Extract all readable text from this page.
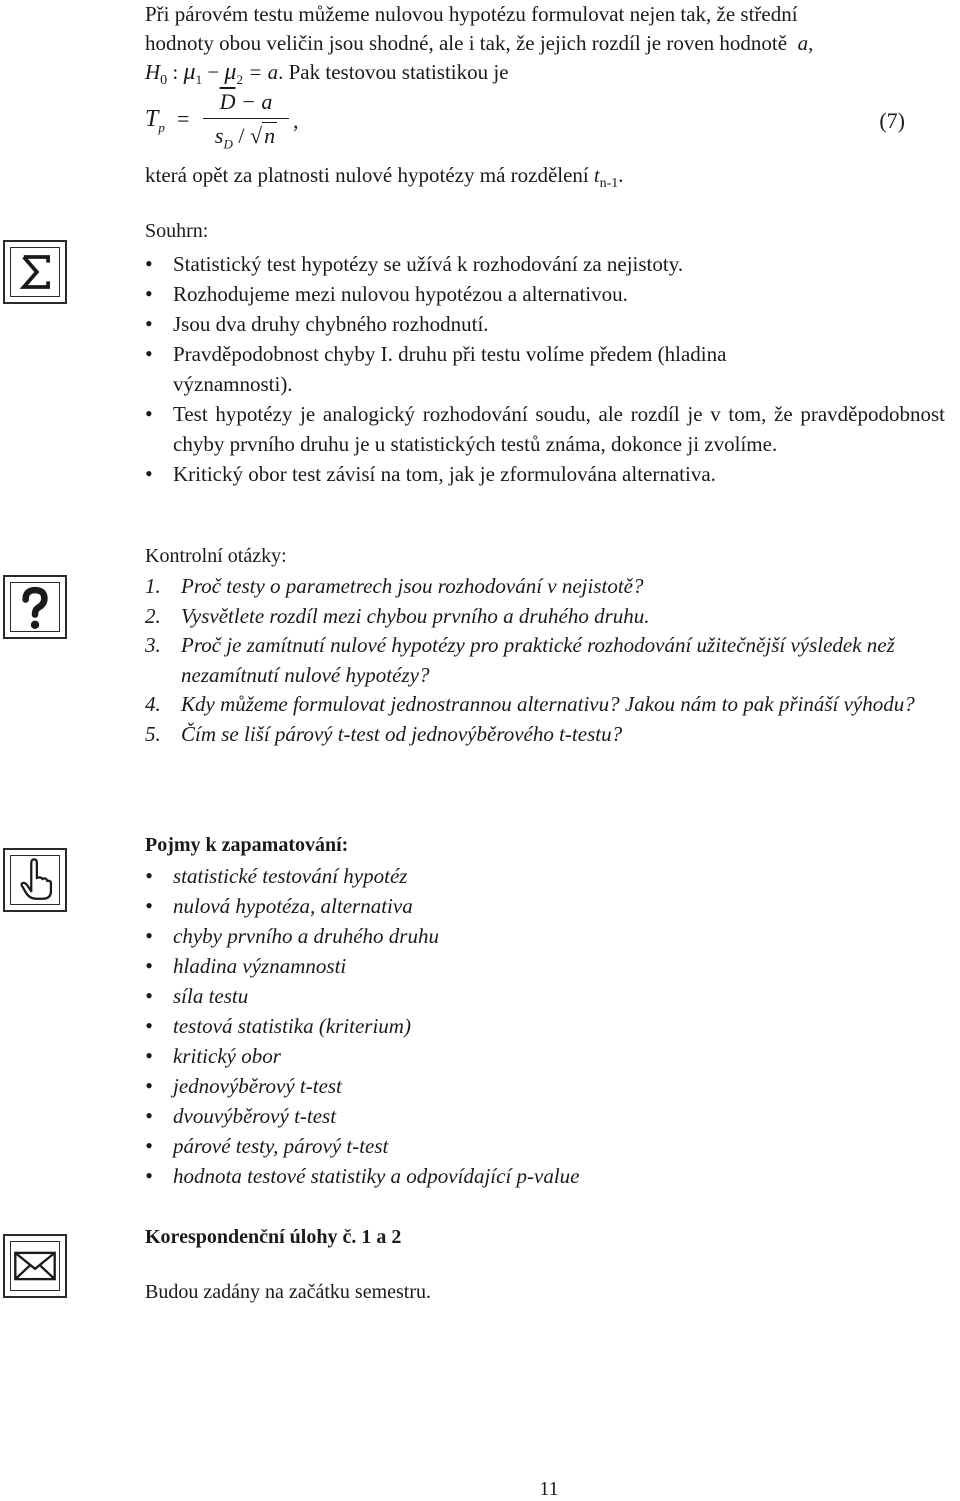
Při párovém testu můžeme nulovou hypotézu formulovat nejen tak, že střední

hodnoty obou veličin jsou shodné, ale i tak, že jejich rozdíl je roven hodnotě a,

$H_0$ : $\mu_1 - \mu_2 = a$. Pak testovou statistikou je

$T_p$ =
$\overline{D} - a$
$s_D / √n$
,	(7)
která opět za platnosti nulové hypotézy má rozdělení $t_{n-1}$.
Souhrn:
• Statistický test hypotézy se užívá k rozhodování za nejistoty.
• Rozhodujeme mezi nulovou hypotézou a alternativou.
• Jsou dva druhy chybného rozhodnutí.
• Pravděpodobnost chyby I. druhu při testu volíme předem (hladina významnosti).
• Test hypotézy je analogický rozhodování soudu, ale rozdíl je v tom, že pravděpodobnost chyby prvního druhu je u statistických testů známa, dokonce ji zvolíme.
• Kritický obor test závisí na tom, jak je zformulována alternativa.
Kontrolní otázky:
1. Proč testy o parametrech jsou rozhodování v nejistotě?
2. Vysvětlete rozdíl mezi chybou prvního a druhého druhu.
3. Proč je zamítnutí nulové hypotézy pro praktické rozhodování užitečnější výsledek než nezamítnutí nulové hypotézy?
4. Kdy můžeme formulovat jednostrannou alternativu? Jakou nám to pak přináší výhodu?
5. Čím se liší párový t-test od jednovýběrového t-testu?
Pojmy k zapamatování:
• statistické testování hypotéz
• nulová hypotéza, alternativa
• chyby prvního a druhého druhu
• hladina významnosti
• síla testu
• testová statistika (kriterium)
• kritický obor
• jednovýběrový t-test
• dvouvýběrový t-test
• párové testy, párový t-test
• hodnota testové statistiky a odpovídající p-value
Korespondenční úlohy č. 1 a 2
Budou zadány na začátku semestru.
11
